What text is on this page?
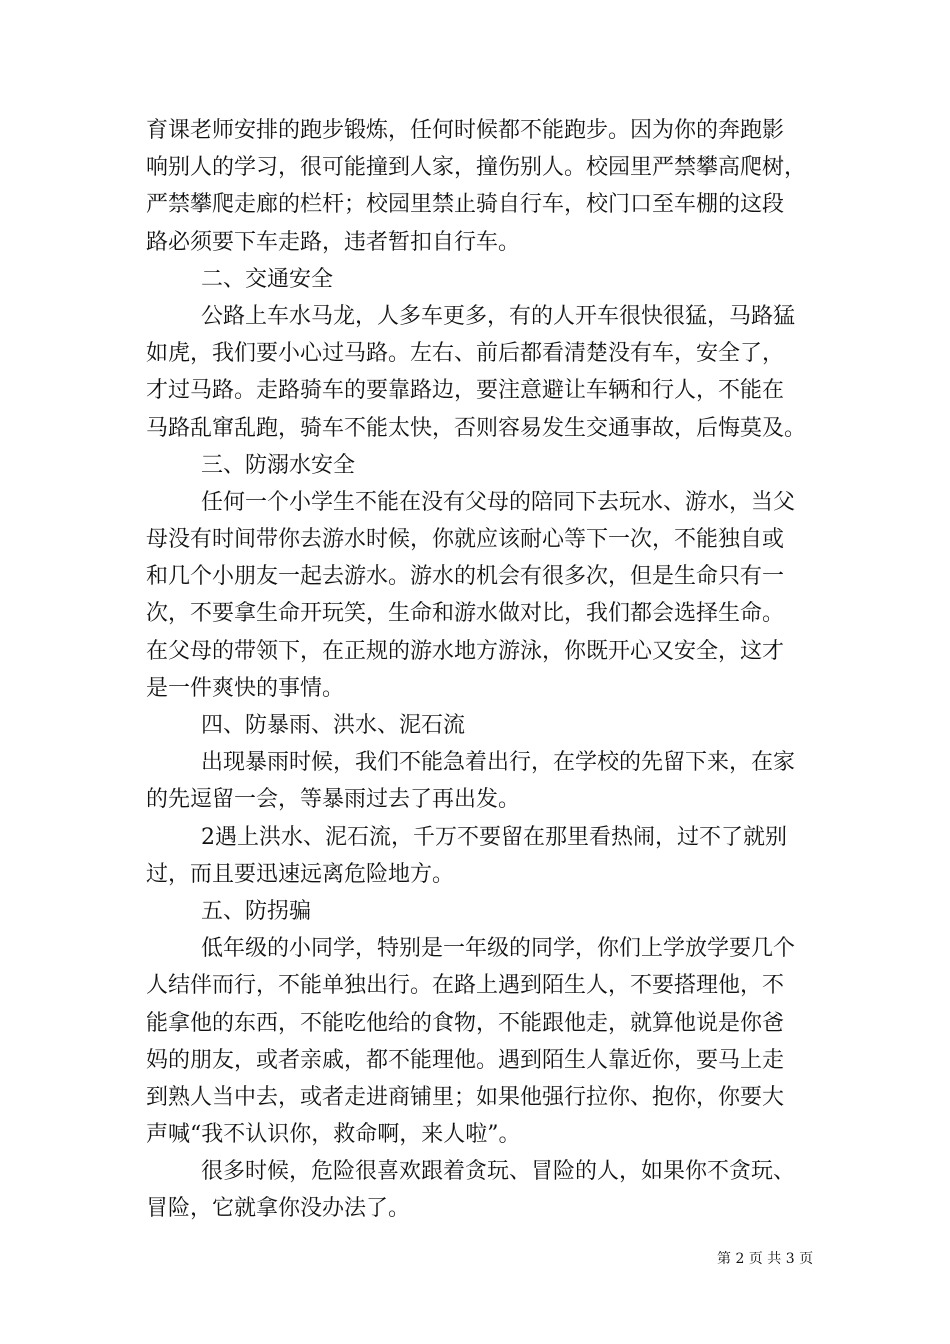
育课老师安排的跑步锻炼，任何时候都不能跑步。因为你的奔跑影
响别人的学习，很可能撞到人家，撞伤别人。校园里严禁攀高爬树，
严禁攀爬走廊的栏杆；校园里禁止骑自行车，校门口至车棚的这段
路必须要下车走路，违者暂扣自行车。
二、交通安全
公路上车水马龙，人多车更多，有的人开车很快很猛，马路猛
如虎，我们要小心过马路。左右、前后都看清楚没有车，安全了，
才过马路。走路骑车的要靠路边，要注意避让车辆和行人，不能在
马路乱窜乱跑，骑车不能太快，否则容易发生交通事故，后悔莫及。
三、防溺水安全
任何一个小学生不能在没有父母的陪同下去玩水、游水，当父
母没有时间带你去游水时候，你就应该耐心等下一次，不能独自或
和几个小朋友一起去游水。游水的机会有很多次，但是生命只有一
次，不要拿生命开玩笑，生命和游水做对比，我们都会选择生命。
在父母的带领下，在正规的游水地方游泳，你既开心又安全，这才
是一件爽快的事情。
四、防暴雨、洪水、泥石流
出现暴雨时候，我们不能急着出行，在学校的先留下来，在家
的先逗留一会，等暴雨过去了再出发。
2遇上洪水、泥石流，千万不要留在那里看热闹，过不了就别
过，而且要迅速远离危险地方。
五、防拐骗
低年级的小同学，特别是一年级的同学，你们上学放学要几个
人结伴而行，不能单独出行。在路上遇到陌生人，不要搭理他，不
能拿他的东西，不能吃他给的食物，不能跟他走，就算他说是你爸
妈的朋友，或者亲戚，都不能理他。遇到陌生人靠近你，要马上走
到熟人当中去，或者走进商铺里；如果他强行拉你、抱你，你要大
声喊“我不认识你，救命啊，来人啦”。
很多时候，危险很喜欢跟着贪玩、冒险的人，如果你不贪玩、
冒险，它就拿你没办法了。
第 2 页 共 3 页
